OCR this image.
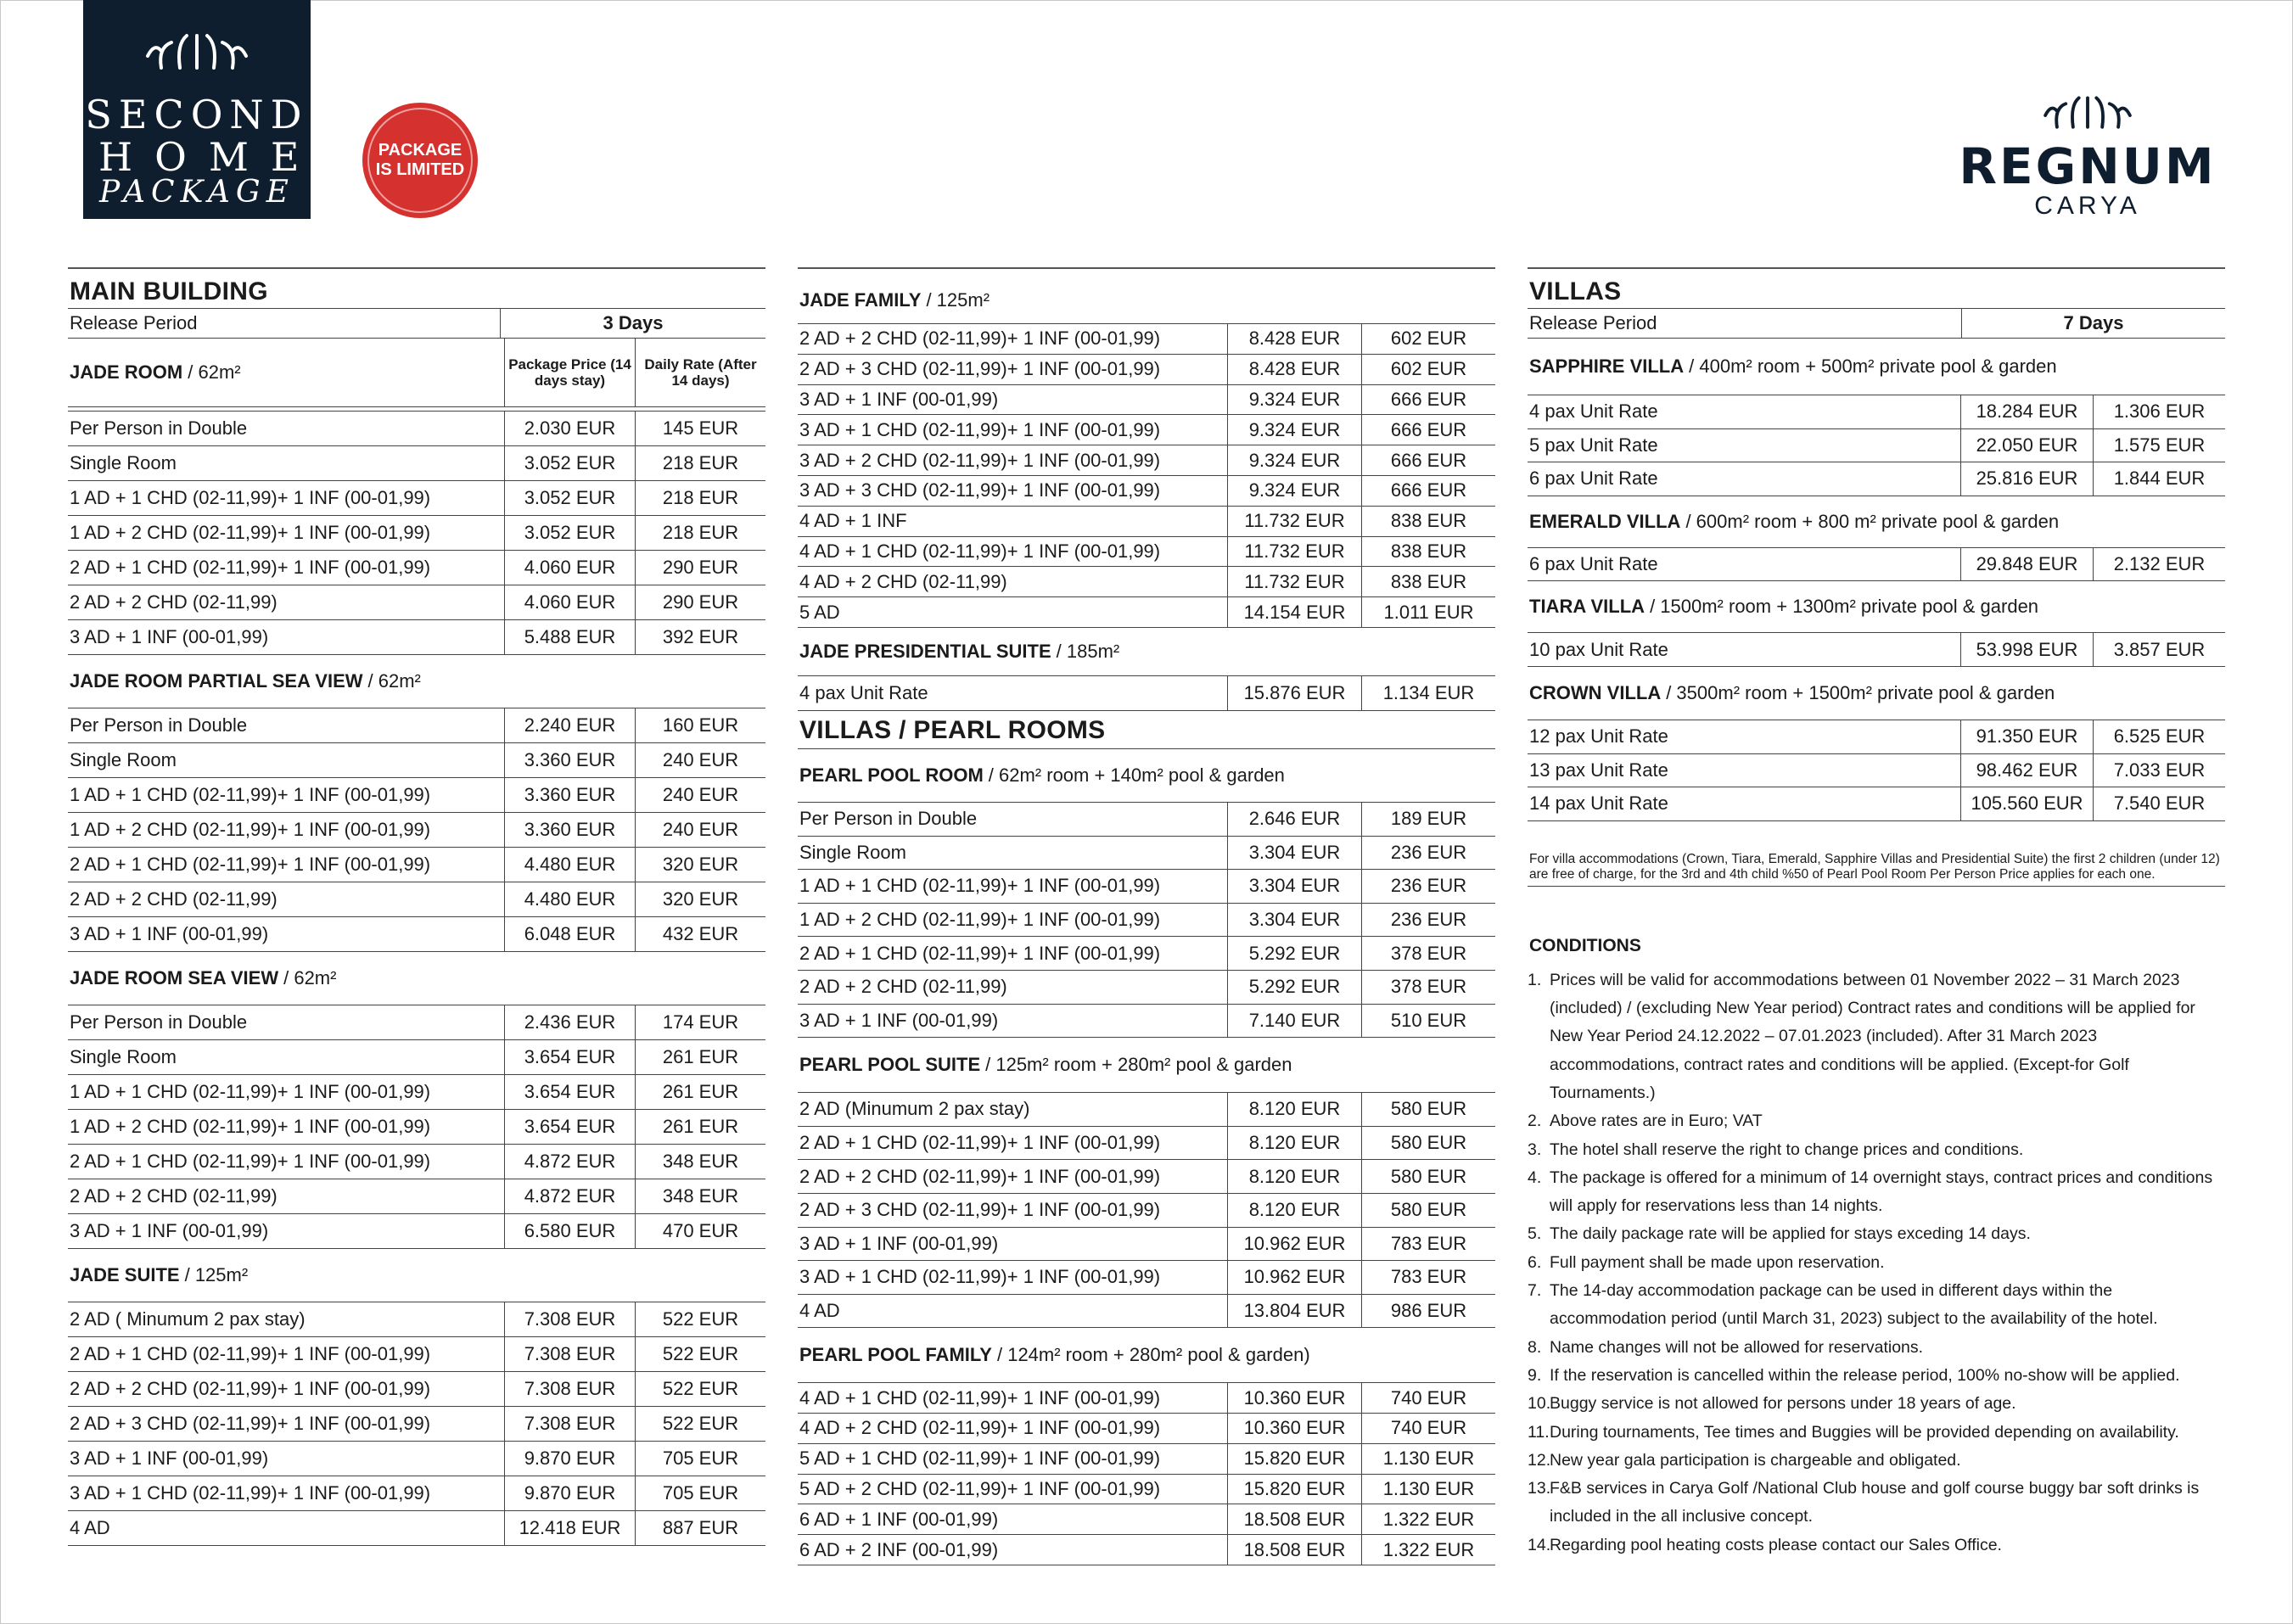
SECOND
HOME
PACKAGE
PACKAGE
IS LIMITED	REGNUM
CARYA
MAIN BUILDING
Release Period	3 Days
JADE ROOM / 62m²	Package Price (14 days stay)	Daily Rate (After 14 days)
Per Person in Double	2.030 EUR	145 EUR
Single Room	3.052 EUR	218 EUR
1 AD + 1 CHD (02-11,99)+ 1 INF (00-01,99)	3.052 EUR	218 EUR
1 AD + 2 CHD (02-11,99)+ 1 INF (00-01,99)	3.052 EUR	218 EUR
2 AD + 1 CHD (02-11,99)+ 1 INF (00-01,99)	4.060 EUR	290 EUR
2 AD + 2 CHD (02-11,99)	4.060 EUR	290 EUR
3 AD + 1 INF (00-01,99)	5.488 EUR	392 EUR
JADE ROOM PARTIAL SEA VIEW / 62m²
Per Person in Double	2.240 EUR	160 EUR
Single Room	3.360 EUR	240 EUR
1 AD + 1 CHD (02-11,99)+ 1 INF (00-01,99)	3.360 EUR	240 EUR
1 AD + 2 CHD (02-11,99)+ 1 INF (00-01,99)	3.360 EUR	240 EUR
2 AD + 1 CHD (02-11,99)+ 1 INF (00-01,99)	4.480 EUR	320 EUR
2 AD + 2 CHD (02-11,99)	4.480 EUR	320 EUR
3 AD + 1 INF (00-01,99)	6.048 EUR	432 EUR
JADE ROOM SEA VIEW / 62m²
Per Person in Double	2.436 EUR	174 EUR
Single Room	3.654 EUR	261 EUR
1 AD + 1 CHD (02-11,99)+ 1 INF (00-01,99)	3.654 EUR	261 EUR
1 AD + 2 CHD (02-11,99)+ 1 INF (00-01,99)	3.654 EUR	261 EUR
2 AD + 1 CHD (02-11,99)+ 1 INF (00-01,99)	4.872 EUR	348 EUR
2 AD + 2 CHD (02-11,99)	4.872 EUR	348 EUR
3 AD + 1 INF (00-01,99)	6.580 EUR	470 EUR
JADE SUITE / 125m²
2 AD ( Minumum 2 pax stay)	7.308 EUR	522 EUR
2 AD + 1 CHD (02-11,99)+ 1 INF (00-01,99)	7.308 EUR	522 EUR
2 AD + 2 CHD (02-11,99)+ 1 INF (00-01,99)	7.308 EUR	522 EUR
2 AD + 3 CHD (02-11,99)+ 1 INF (00-01,99)	7.308 EUR	522 EUR
3 AD + 1 INF (00-01,99)	9.870 EUR	705 EUR
3 AD + 1 CHD (02-11,99)+ 1 INF (00-01,99)	9.870 EUR	705 EUR
4 AD	12.418 EUR	887 EUR
JADE FAMILY / 125m²
2 AD + 2 CHD (02-11,99)+ 1 INF (00-01,99)	8.428 EUR	602 EUR
2 AD + 3 CHD (02-11,99)+ 1 INF (00-01,99)	8.428 EUR	602 EUR
3 AD + 1 INF (00-01,99)	9.324 EUR	666 EUR
3 AD + 1 CHD (02-11,99)+ 1 INF (00-01,99)	9.324 EUR	666 EUR
3 AD + 2 CHD (02-11,99)+ 1 INF (00-01,99)	9.324 EUR	666 EUR
3 AD + 3 CHD (02-11,99)+ 1 INF (00-01,99)	9.324 EUR	666 EUR
4 AD + 1 INF	11.732 EUR	838 EUR
4 AD + 1 CHD (02-11,99)+ 1 INF (00-01,99)	11.732 EUR	838 EUR
4 AD + 2 CHD (02-11,99)	11.732 EUR	838 EUR
5 AD	14.154 EUR	1.011 EUR
JADE PRESIDENTIAL SUITE / 185m²
4 pax Unit Rate	15.876 EUR	1.134 EUR
VILLAS / PEARL ROOMS
PEARL POOL ROOM / 62m² room + 140m² pool & garden
Per Person in Double	2.646 EUR	189 EUR
Single Room	3.304 EUR	236 EUR
1 AD + 1 CHD (02-11,99)+ 1 INF (00-01,99)	3.304 EUR	236 EUR
1 AD + 2 CHD (02-11,99)+ 1 INF (00-01,99)	3.304 EUR	236 EUR
2 AD + 1 CHD (02-11,99)+ 1 INF (00-01,99)	5.292 EUR	378 EUR
2 AD + 2 CHD (02-11,99)	5.292 EUR	378 EUR
3 AD + 1 INF (00-01,99)	7.140 EUR	510 EUR
PEARL POOL SUITE / 125m² room + 280m² pool & garden
2 AD (Minumum 2 pax stay)	8.120 EUR	580 EUR
2 AD + 1 CHD (02-11,99)+ 1 INF (00-01,99)	8.120 EUR	580 EUR
2 AD + 2 CHD (02-11,99)+ 1 INF (00-01,99)	8.120 EUR	580 EUR
2 AD + 3 CHD (02-11,99)+ 1 INF (00-01,99)	8.120 EUR	580 EUR
3 AD + 1 INF (00-01,99)	10.962 EUR	783 EUR
3 AD + 1 CHD (02-11,99)+ 1 INF (00-01,99)	10.962 EUR	783 EUR
4 AD	13.804 EUR	986 EUR
PEARL POOL FAMILY / 124m² room + 280m² pool & garden)
4 AD + 1 CHD (02-11,99)+ 1 INF (00-01,99)	10.360 EUR	740 EUR
4 AD + 2 CHD (02-11,99)+ 1 INF (00-01,99)	10.360 EUR	740 EUR
5 AD + 1 CHD (02-11,99)+ 1 INF (00-01,99)	15.820 EUR	1.130 EUR
5 AD + 2 CHD (02-11,99)+ 1 INF (00-01,99)	15.820 EUR	1.130 EUR
6 AD + 1 INF (00-01,99)	18.508 EUR	1.322 EUR
6 AD + 2 INF (00-01,99)	18.508 EUR	1.322 EUR
VILLAS
Release Period	7 Days
SAPPHIRE VILLA / 400m² room + 500m² private pool & garden
4 pax Unit Rate	18.284 EUR	1.306 EUR
5 pax Unit Rate	22.050 EUR	1.575 EUR
6 pax Unit Rate	25.816 EUR	1.844 EUR
EMERALD VILLA / 600m² room + 800 m² private pool & garden
6 pax Unit Rate	29.848 EUR	2.132 EUR
TIARA VILLA / 1500m² room + 1300m² private pool & garden
10 pax Unit Rate	53.998 EUR	3.857 EUR
CROWN VILLA / 3500m² room + 1500m² private pool & garden
12 pax Unit Rate	91.350 EUR	6.525 EUR
13 pax Unit Rate	98.462 EUR	7.033 EUR
14 pax Unit Rate	105.560 EUR	7.540 EUR
For villa accommodations (Crown, Tiara, Emerald, Sapphire Villas and Presidential Suite) the first 2 children (under 12) are free of charge, for the 3rd and 4th child %50 of Pearl Pool Room Per Person Price applies for each one.
CONDITIONS
1. Prices will be valid for accommodations between 01 November 2022 – 31 March 2023 (included) / (excluding New Year period) Contract rates and conditions will be applied for New Year Period 24.12.2022 – 07.01.2023 (included). After 31 March 2023 accommodations, contract rates and conditions will be applied. (Except-for Golf Tournaments.)
2. Above rates are in Euro; VAT
3. The hotel shall reserve the right to change prices and conditions.
4. The package is offered for a minimum of 14 overnight stays, contract prices and conditions will apply for reservations less than 14 nights.
5. The daily package rate will be applied for stays exceding 14 days.
6. Full payment shall be made upon reservation.
7. The 14-day accommodation package can be used in different days within the accommodation period (until March 31, 2023) subject to the availability of the hotel.
8. Name changes will not be allowed for reservations.
9. If the reservation is cancelled within the release period, 100% no-show will be applied.
10.Buggy service is not allowed for persons under 18 years of age.
11.During tournaments, Tee times and Buggies will be provided depending on availability.
12.New year gala participation is chargeable and obligated.
13.F&B services in Carya Golf /National Club house and golf course buggy bar soft drinks is included in the all inclusive concept.
14.Regarding pool heating costs please contact our Sales Office.
